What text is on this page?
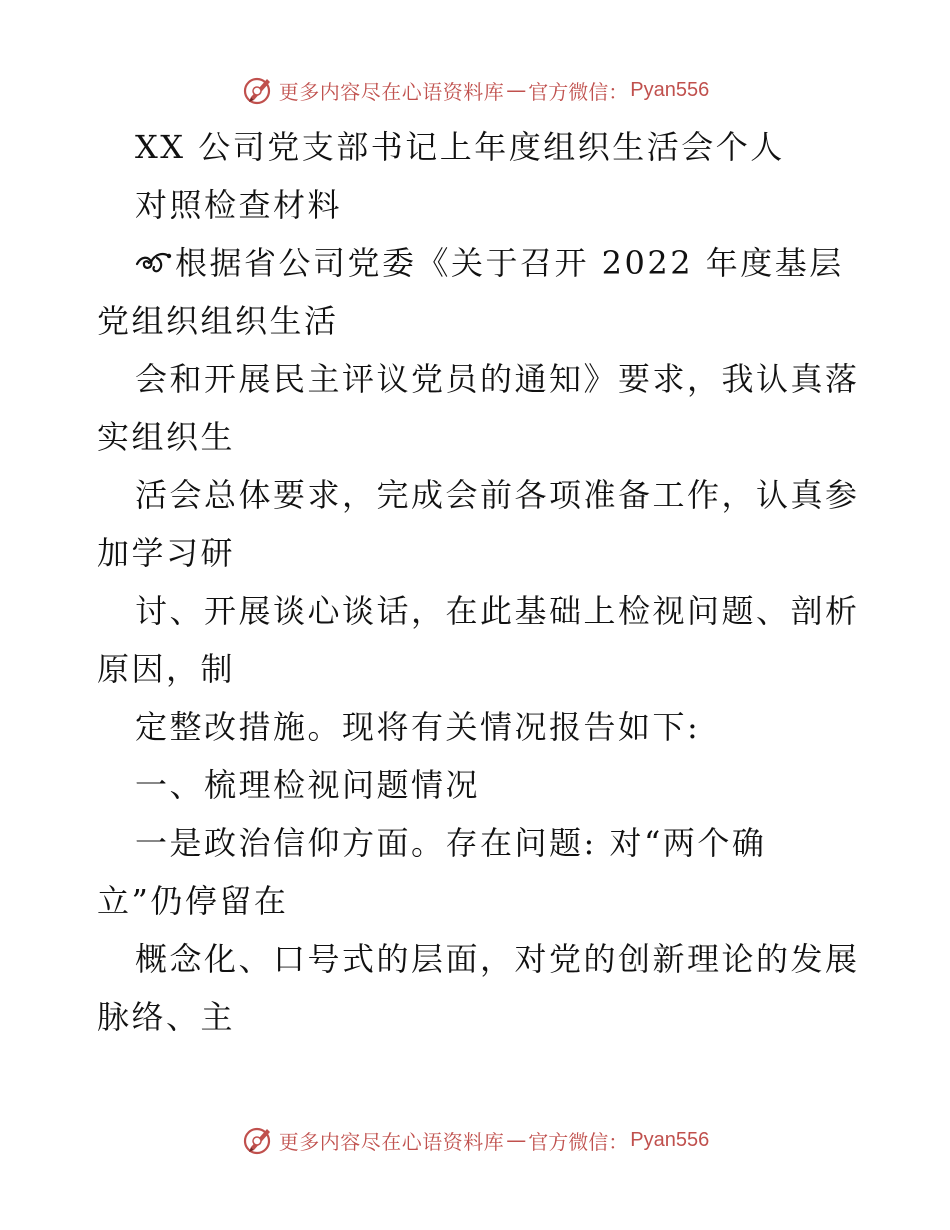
更多内容尽在心语资料库 — 官方微信： Pyan556
XX 公司党支部书记上年度组织生活会个人
对照检查材料
根据省公司党委《关于召开 2022 年度基层
党组织组织生活
会和开展民主评议党员的通知》要求，我认真落
实组织生
活会总体要求，完成会前各项准备工作，认真参
加学习研
讨、开展谈心谈话，在此基础上检视问题、剖析
原因，制
定整改措施。现将有关情况报告如下:
一、梳理检视问题情况
一是政治信仰方面。存在问题: 对“两个确
立”仍停留在
概念化、口号式的层面，对党的创新理论的发展
脉络、主
更多内容尽在心语资料库 — 官方微信： Pyan556
